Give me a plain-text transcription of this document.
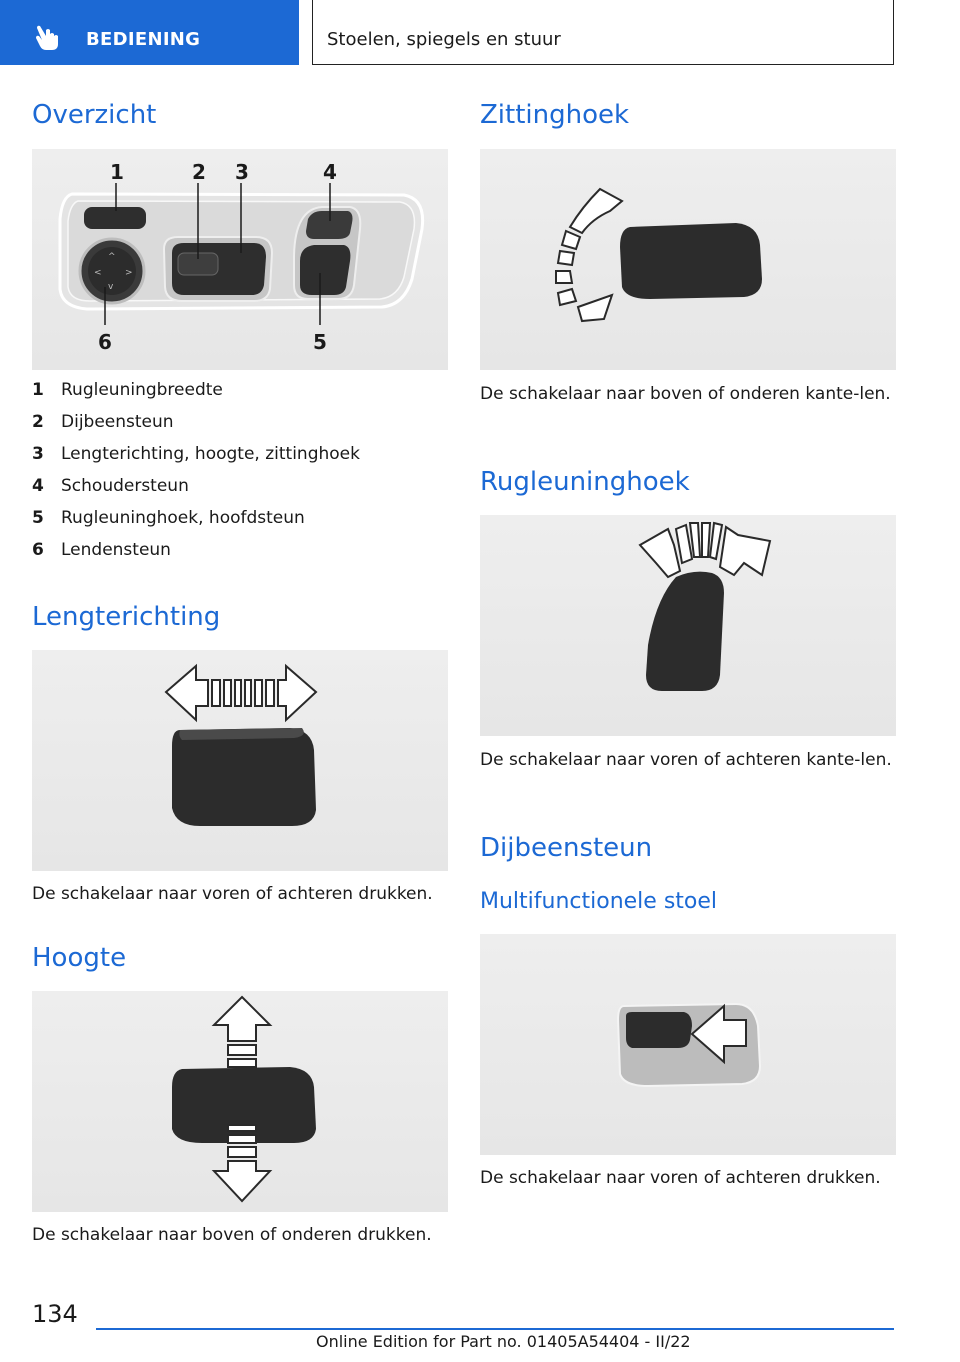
BEDIENING	Stoelen, spiegels en stuur
Overzicht
<	>
^
v
1	2 3	4
5
6
1 Rugleuningbreedte
2 Dijbeensteun
3 Lengterichting, hoogte, zittinghoek
4 Schoudersteun
5 Rugleuninghoek, hoofdsteun
6 Lendensteun
Lengterichting
De schakelaar naar voren of achteren drukken.
Hoogte
De schakelaar naar boven of onderen drukken.
Zittinghoek
De schakelaar naar boven of onderen kante-len.
Rugleuninghoek
De schakelaar naar voren of achteren kante-len.
Dijbeensteun
Multifunctionele stoel
De schakelaar naar voren of achteren drukken.
134
Online Edition for Part no. 01405A54404 - II/22
